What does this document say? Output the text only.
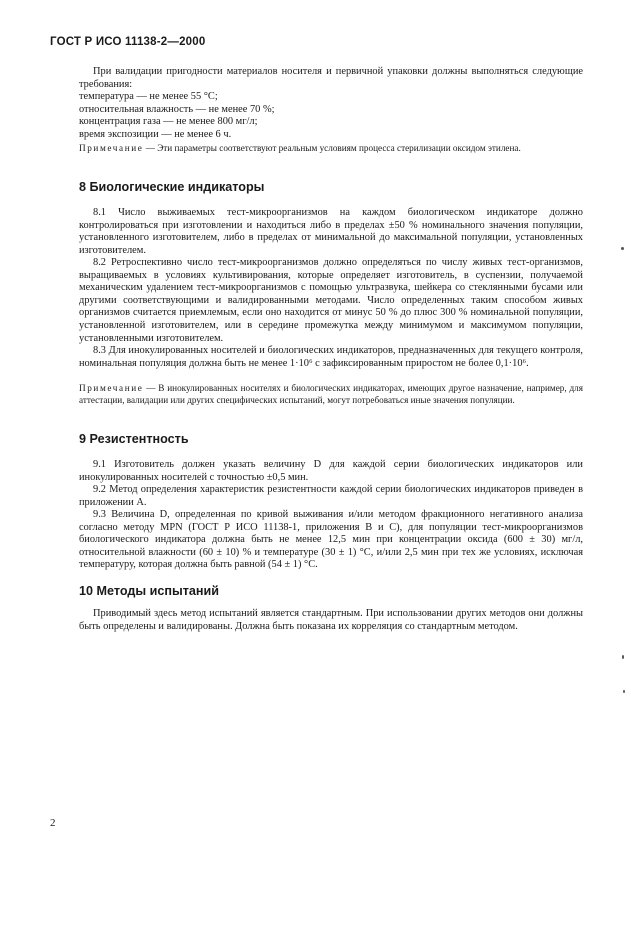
ГОСТ Р ИСО 11138-2—2000
При валидации пригодности материалов носителя и первичной упаковки должны выполняться следующие требования:
температура — не менее 55 °С;
относительная влажность — не менее 70 %;
концентрация газа — не менее 800 мг/л;
время экспозиции — не менее 6 ч.
Примечание — Эти параметры соответствуют реальным условиям процесса стерилизации оксидом этилена.
8 Биологические индикаторы
8.1 Число выживаемых тест-микроорганизмов на каждом биологическом индикаторе должно контролироваться при изготовлении и находиться либо в пределах ±50 % номинального значения популяции, установленного изготовителем, либо в пределах от минимальной до максимальной популяции, установленных изготовителем.
8.2 Ретроспективно число тест-микроорганизмов должно определяться по числу живых тест-организмов, выращиваемых в условиях культивирования, которые определяет изготовитель, в суспензии, получаемой механическим удалением тест-микроорганизмов с помощью ультразвука, шейкера со стеклянными бусами или другими соответствующими и валидированными методами. Число определенных таким способом живых организмов считается приемлемым, если оно находится от минус 50 % до плюс 300 % номинальной популяции, установленной изготовителем, или в середине промежутка между минимумом и максимумом популяции, установленными изготовителем.
8.3 Для инокулированных носителей и биологических индикаторов, предназначенных для текущего контроля, номинальная популяция должна быть не менее 1·10⁶ с зафиксированным приростом не более 0,1·10⁶.
Примечание — В инокулированных носителях и биологических индикаторах, имеющих другое назначение, например, для аттестации, валидации или других специфических испытаний, могут потребоваться иные значения популяции.
9 Резистентность
9.1 Изготовитель должен указать величину D для каждой серии биологических индикаторов или инокулированных носителей с точностью ±0,5 мин.
9.2 Метод определения характеристик резистентности каждой серии биологических индикаторов приведен в приложении А.
9.3 Величина D, определенная по кривой выживания и/или методом фракционного негативного анализа согласно методу MPN (ГОСТ Р ИСО 11138-1, приложения В и С), для популяции тест-микроорганизмов биологического индикатора должна быть не менее 12,5 мин при концентрации оксида (600 ± 30) мг/л, относительной влажности (60 ± 10) % и температуре (30 ± 1) °С, и/или 2,5 мин при тех же условиях, исключая температуру, которая должна быть равной (54 ± 1) °С.
10 Методы испытаний
Приводимый здесь метод испытаний является стандартным. При использовании других методов они должны быть определены и валидированы. Должна быть показана их корреляция со стандартным методом.
2
